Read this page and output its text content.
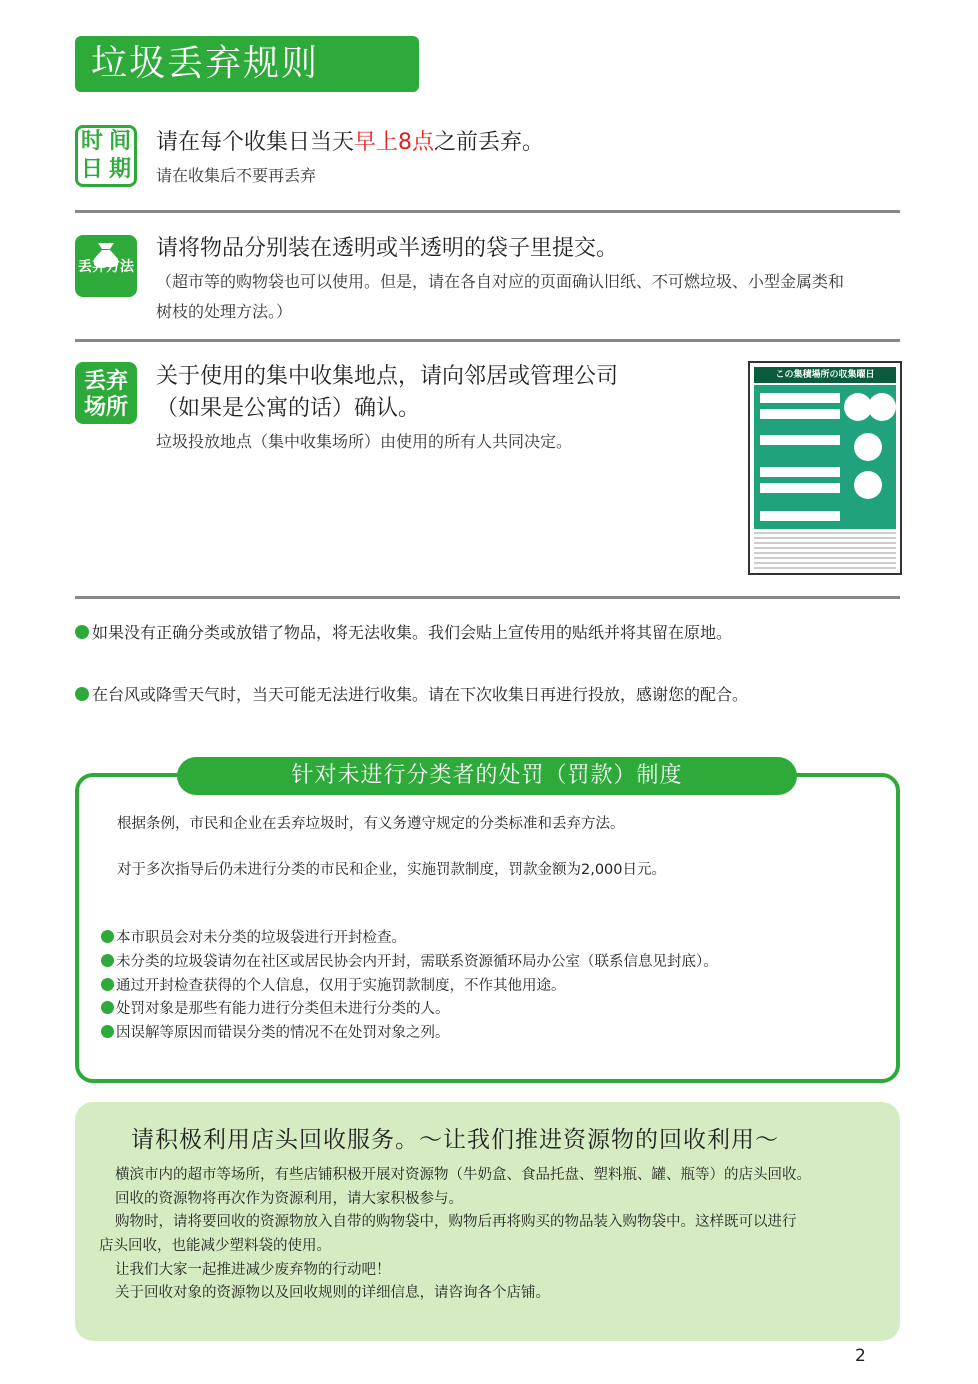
垃圾丢弃规则
时 间
日 期
请在每个收集日当天早上8点之前丢弃。
请在收集后不要再丢弃
丢弃方法
请将物品分别装在透明或半透明的袋子里提交。
（超市等的购物袋也可以使用。但是，请在各自对应的页面确认旧纸、不可燃垃圾、小型金属类和
树枝的处理方法。）
丢弃
场所
关于使用的集中收集地点，请向邻居或管理公司
（如果是公寓的话）确认。
垃圾投放地点（集中收集场所）由使用的所有人共同决定。
この集積場所の収集曜日
如果没有正确分类或放错了物品，将无法收集。我们会贴上宣传用的贴纸并将其留在原地。
在台风或降雪天气时，当天可能无法进行收集。请在下次收集日再进行投放，感谢您的配合。
针对未进行分类者的处罚（罚款）制度
根据条例，市民和企业在丢弃垃圾时，有义务遵守规定的分类标准和丢弃方法。
对于多次指导后仍未进行分类的市民和企业，实施罚款制度，罚款金额为2,000日元。
本市职员会对未分类的垃圾袋进行开封检查。
未分类的垃圾袋请勿在社区或居民协会内开封，需联系资源循环局办公室（联系信息见封底）。
通过开封检查获得的个人信息，仅用于实施罚款制度，不作其他用途。
处罚对象是那些有能力进行分类但未进行分类的人。
因误解等原因而错误分类的情况不在处罚对象之列。
请积极利用店头回收服务。～让我们推进资源物的回收利用～
横滨市内的超市等场所，有些店铺积极开展对资源物（牛奶盒、食品托盘、塑料瓶、罐、瓶等）的店头回收。
回收的资源物将再次作为资源利用，请大家积极参与。
购物时，请将要回收的资源物放入自带的购物袋中，购物后再将购买的物品装入购物袋中。这样既可以进行
店头回收，也能减少塑料袋的使用。
让我们大家一起推进减少废弃物的行动吧！
关于回收对象的资源物以及回收规则的详细信息，请咨询各个店铺。
2
